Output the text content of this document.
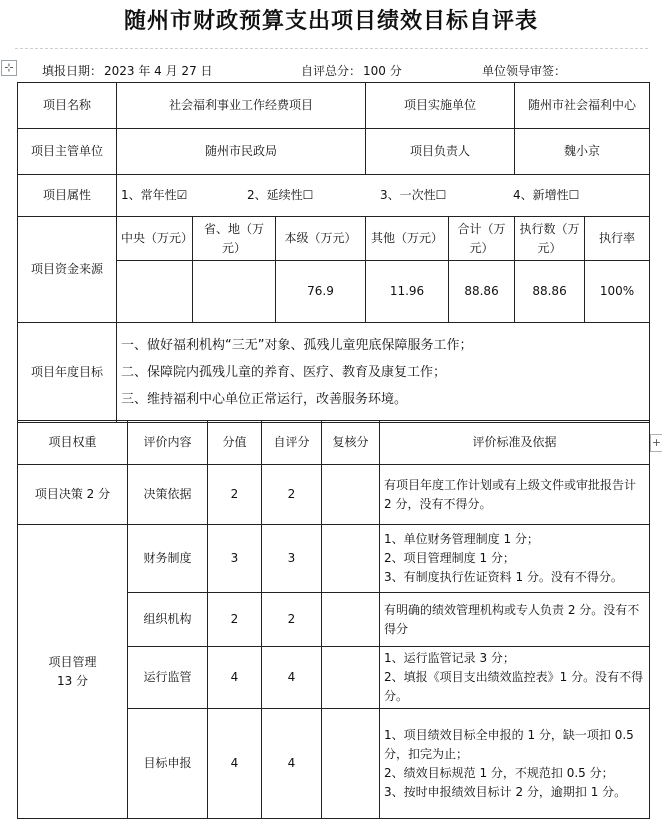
随州市财政预算支出项目绩效目标自评表
⊹ 填报日期： 2023 年 4 月 27 日	自评总分： 100 分	单位领导审签：
项目名称	社会福利事业工作经费项目			项目实施单位		随州市社会福利中心	
项目主管单位	随州市民政局			项目负责人		魏小京	
项目属性	1、常年性☑ 2、延续性☐ 3、一次性☐ 4、新增性☐						
项目资金来源	中央（万元）	省、地（万元）	本级（万元）	其他（万元）	合计（万元）	执行数（万元）	执行率
			76.9	11.96	88.86	88.86	100%
项目年度目标	一、做好福利机构“三无”对象、孤残儿童兜底保障服务工作；
二、保障院内孤残儿童的养育、医疗、教育及康复工作；
三、维持福利中心单位正常运行，改善服务环境。						
项目权重	评价内容	分值	自评分	复核分	评价标准及依据
项目决策 2 分	决策依据	2	2		有项目年度工作计划或有上级文件或审批报告计 2 分，没有不得分。

项目管理
13 分	财务制度	3	3		1、单位财务管理制度 1 分；
2、项目管理制度 1 分；
3、有制度执行佐证资料 1 分。没有不得分。

	组织机构	2	2		有明确的绩效管理机构或专人负责 2 分。没有不得分

	运行监管	4	4		1、运行监管记录 3 分；
2、填报《项目支出绩效监控表》1 分。没有不得分。

	目标申报	4	4		1、项目绩效目标全申报的 1 分，缺一项扣 0.5 分，扣完为止；
2、绩效目标规范 1 分，不规范扣 0.5 分；
3、按时申报绩效目标计 2 分，逾期扣 1 分。
+
